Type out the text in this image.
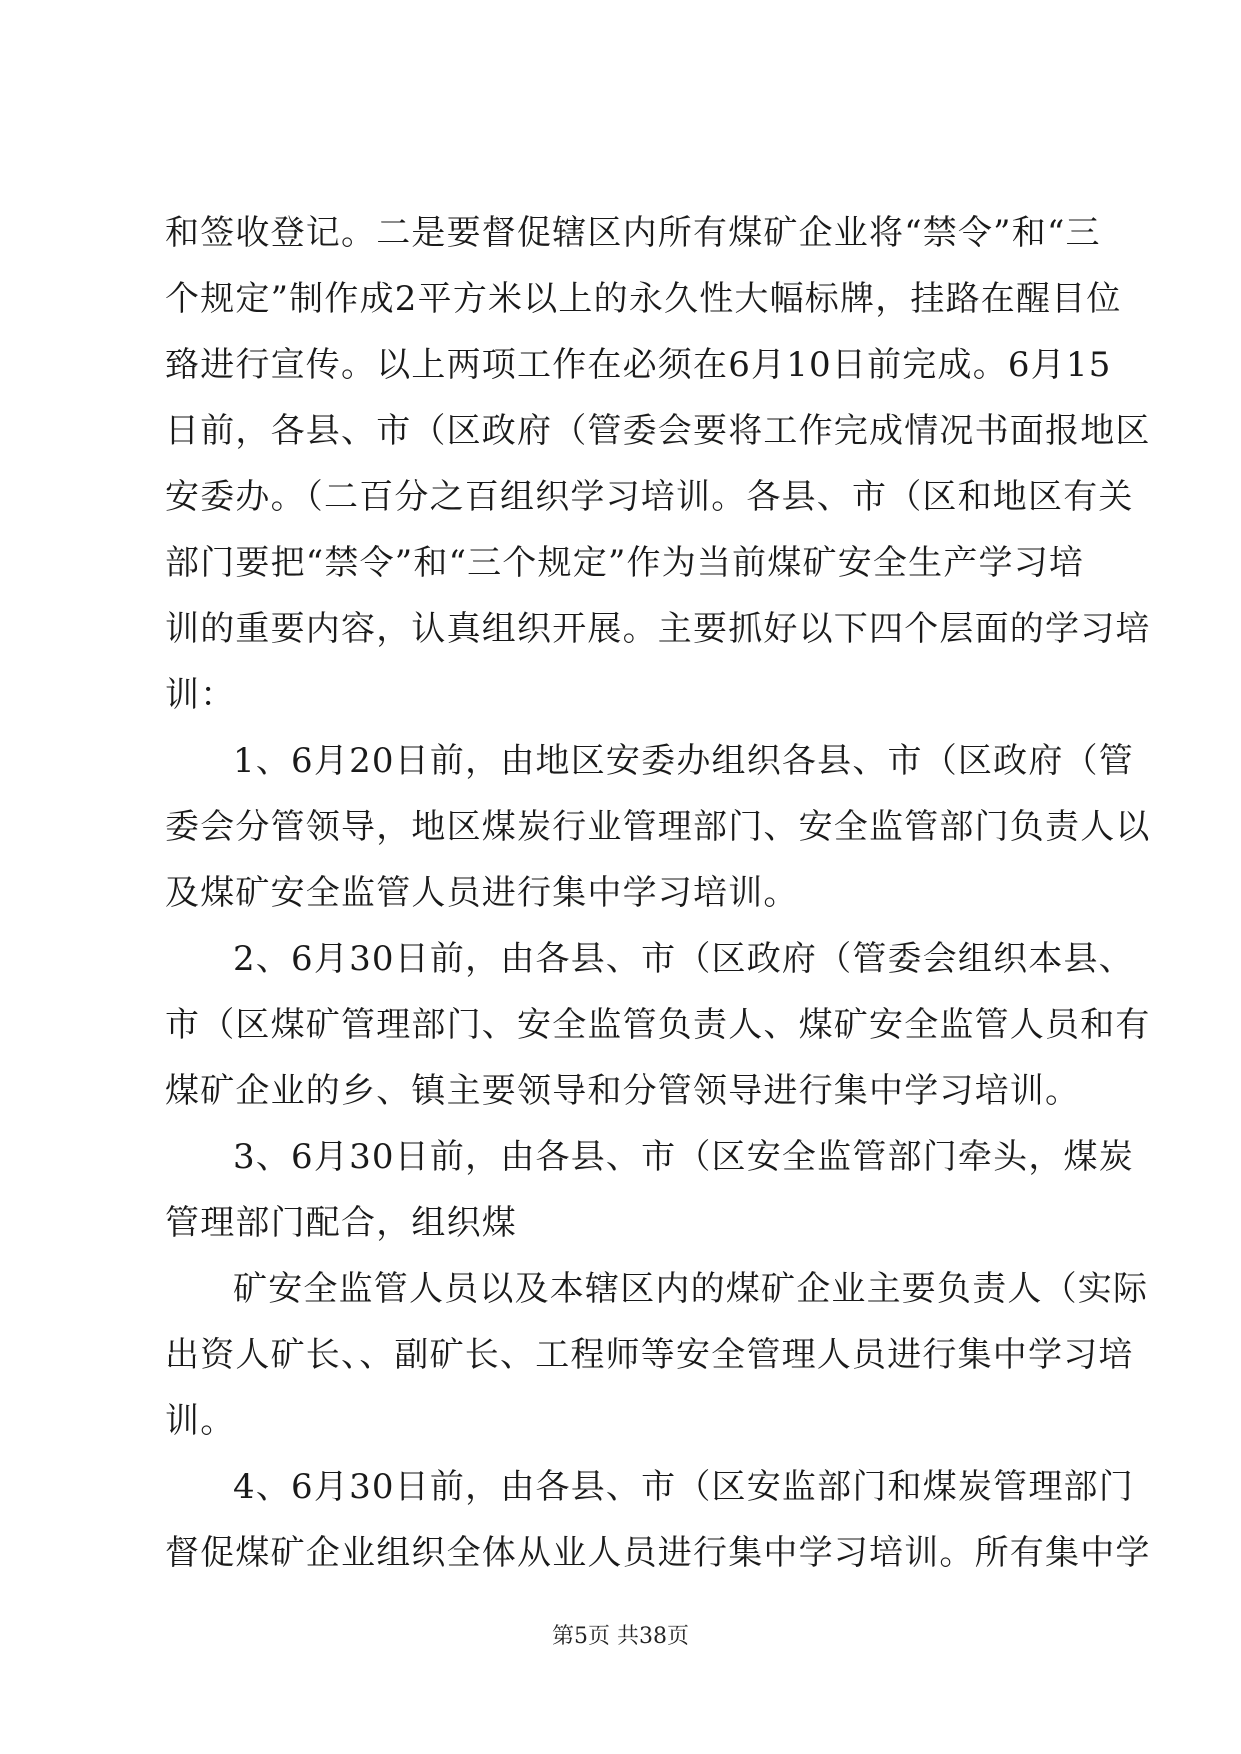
和签收登记。二是要督促辖区内所有煤矿企业将“禁令”和“三
个规定”制作成2平方米以上的永久性大幅标牌，挂路在醒目位
臵进行宣传。以上两项工作在必须在6月10日前完成。6月15
日前，各县、市（区政府（管委会要将工作完成情况书面报地区
安委办。（二百分之百组织学习培训。各县、市（区和地区有关
部门要把“禁令”和“三个规定”作为当前煤矿安全生产学习培
训的重要内容，认真组织开展。主要抓好以下四个层面的学习培
训：
1、6月20日前，由地区安委办组织各县、市（区政府（管
委会分管领导，地区煤炭行业管理部门、安全监管部门负责人以
及煤矿安全监管人员进行集中学习培训。
2、6月30日前，由各县、市（区政府（管委会组织本县、
市（区煤矿管理部门、安全监管负责人、煤矿安全监管人员和有
煤矿企业的乡、镇主要领导和分管领导进行集中学习培训。
3、6月30日前，由各县、市（区安全监管部门牵头，煤炭
管理部门配合，组织煤
矿安全监管人员以及本辖区内的煤矿企业主要负责人（实际
出资人矿长、、副矿长、工程师等安全管理人员进行集中学习培
训。
4、6月30日前，由各县、市（区安监部门和煤炭管理部门
督促煤矿企业组织全体从业人员进行集中学习培训。所有集中学
第5页 共38页
